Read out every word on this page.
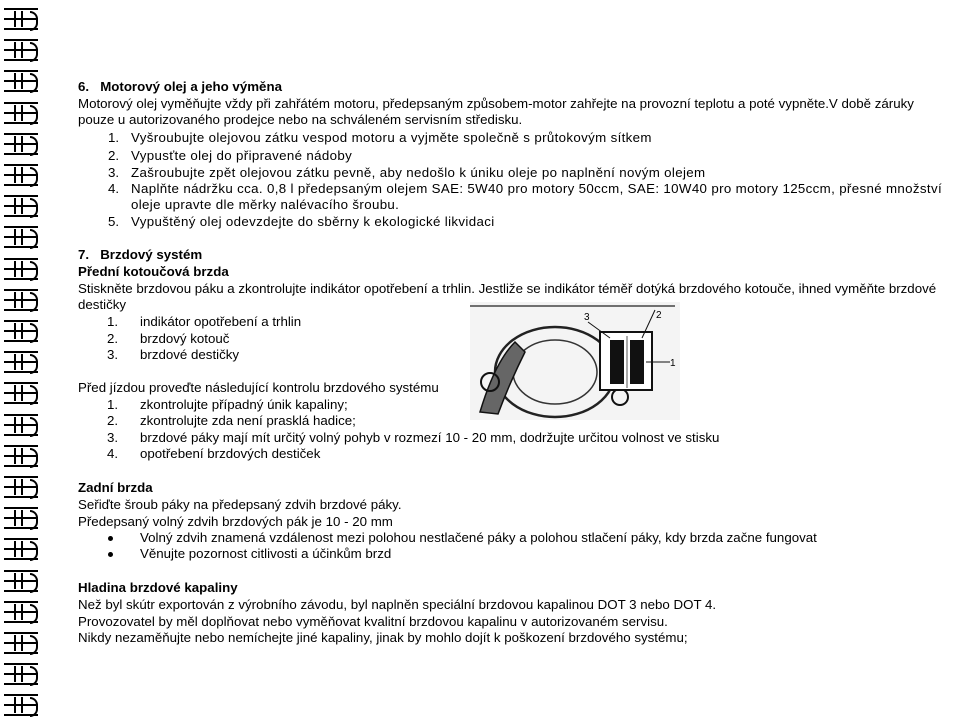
6. Motorový olej a jeho výměna
Motorový olej vyměňujte vždy při zahřátém motoru, předepsaným způsobem-motor zahřejte na provozní teplotu a poté vypněte.V době záruky
pouze u autorizovaného prodejce nebo na schváleném servisním středisku.
1. Vyšroubujte olejovou zátku vespod motoru a vyjměte společně s průtokovým sítkem
2. Vypusťte olej do připravené nádoby
3. Zašroubujte zpět olejovou zátku pevně, aby nedošlo k úniku oleje po naplnění novým olejem
4. Naplňte nádržku cca. 0,8 l předepsaným olejem SAE: 5W40 pro motory 50ccm, SAE: 10W40 pro motory 125ccm, přesné množství
oleje upravte dle měrky nalévacího šroubu.
5. Vypuštěný olej odevzdejte do sběrny k ekologické likvidaci
7. Brzdový systém
Přední kotoučová brzda
Stiskněte brzdovou páku a zkontrolujte indikátor opotřebení a trhlin. Jestliže se indikátor téměř dotýká brzdového kotouče, ihned vyměňte brzdové
destičky
1. indikátor opotřebení a trhlin
2. brzdový kotouč
3. brzdové destičky
3	2
1
Před jízdou proveďte následující kontrolu brzdového systému
1. zkontrolujte případný únik kapaliny;
2. zkontrolujte zda není prasklá hadice;
3. brzdové páky mají mít určitý volný pohyb v rozmezí 10 - 20 mm, dodržujte určitou volnost ve stisku
4. opotřebení brzdových destiček
Zadní brzda
Seřiďte šroub páky na předepsaný zdvih brzdové páky.
Předepsaný volný zdvih brzdových pák je 10 - 20 mm
Volný zdvih znamená vzdálenost mezi polohou nestlačené páky a polohou stlačení páky, kdy brzda začne fungovat
Věnujte pozornost citlivosti a účinkům brzd
Hladina brzdové kapaliny
Než byl skútr exportován z výrobního závodu, byl naplněn speciální brzdovou kapalinou DOT 3 nebo DOT 4.
Provozovatel by měl doplňovat nebo vyměňovat kvalitní brzdovou kapalinu v autorizovaném servisu.
Nikdy nezaměňujte nebo nemíchejte jiné kapaliny, jinak by mohlo dojít k poškození brzdového systému;
